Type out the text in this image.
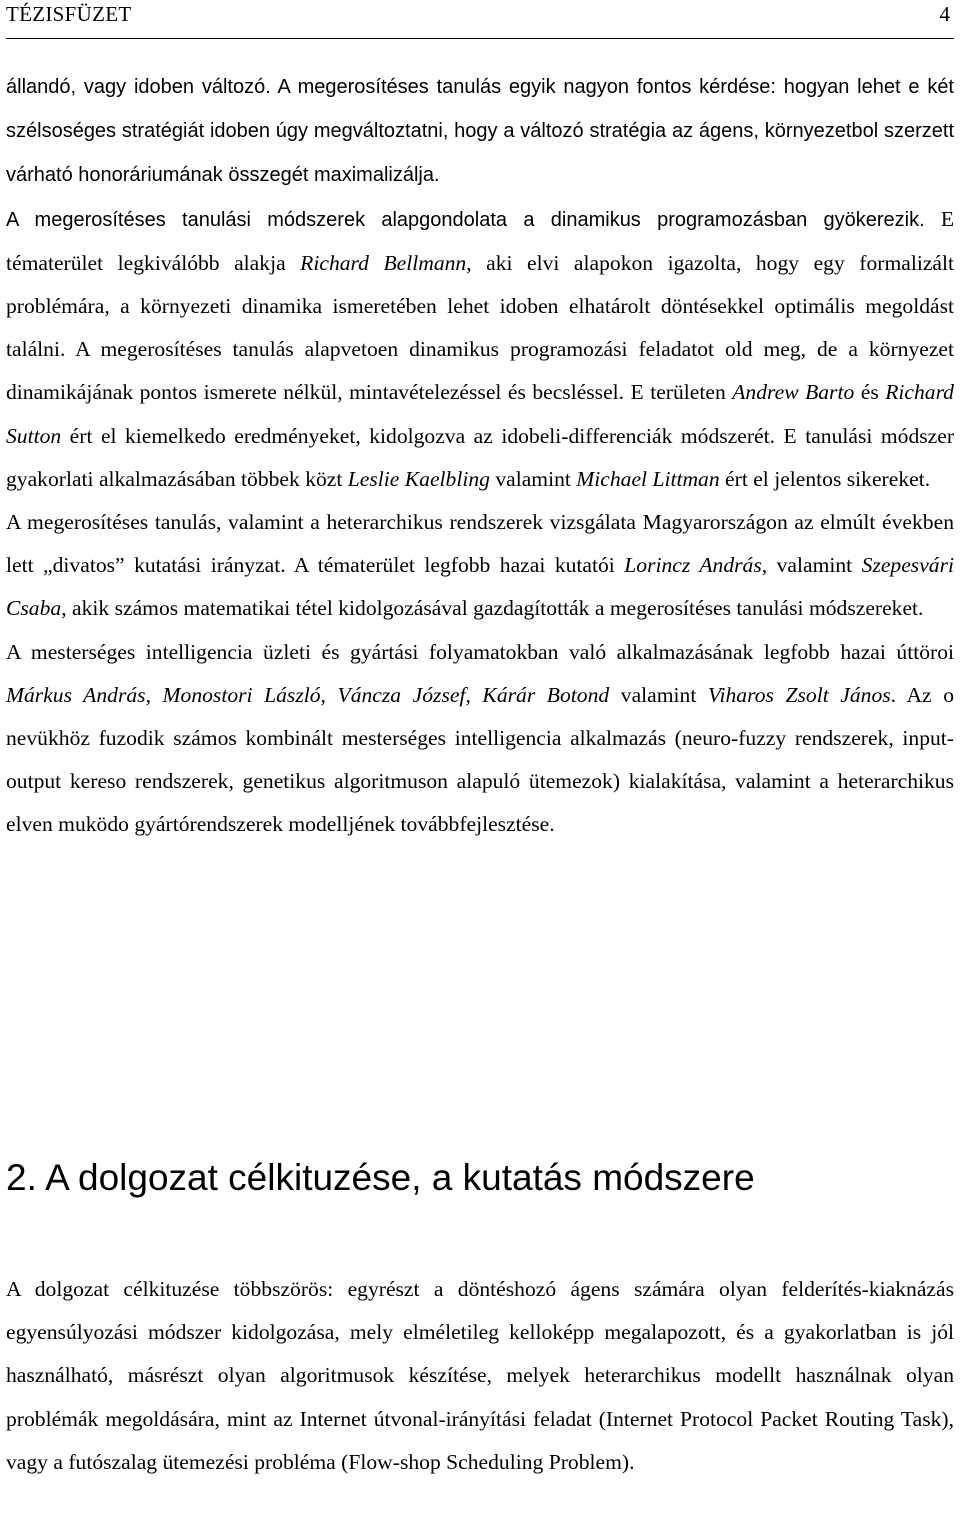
TÉZISFÜZET	4

állandó, vagy idoben változó. A megerosítéses tanulás egyik nagyon fontos kérdése: hogyan lehet e két szélsoséges stratégiát idoben úgy megváltoztatni, hogy a változó stratégia az ágens, környezetbol szerzett várható honoráriumának összegét maximalizálja.

A megerosítéses tanulási módszerek alapgondolata a dinamikus programozásban gyökerezik. E tématerület legkiválóbb alakja Richard Bellmann, aki elvi alapokon igazolta, hogy egy formalizált problémára, a környezeti dinamika ismeretében lehet idoben elhatárolt döntésekkel optimális megoldást találni. A megerosítéses tanulás alapvetoen dinamikus programozási feladatot old meg, de a környezet dinamikájának pontos ismerete nélkül, mintavételezéssel és becsléssel. E területen Andrew Barto és Richard Sutton ért el kiemelkedo eredményeket, kidolgozva az idobeli-differenciák módszerét. E tanulási módszer gyakorlati alkalmazásában többek közt Leslie Kaelbling valamint Michael Littman ért el jelentos sikereket.

A megerosítéses tanulás, valamint a heterarchikus rendszerek vizsgálata Magyarországon az elmúlt években lett „divatos” kutatási irányzat. A tématerület legfobb hazai kutatói Lorincz András, valamint Szepesvári Csaba, akik számos matematikai tétel kidolgozásával gazdagították a megerosítéses tanulási módszereket.

A mesterséges intelligencia üzleti és gyártási folyamatokban való alkalmazásának legfobb hazai úttöroi Márkus András, Monostori László, Váncza József, Kárár Botond valamint Viharos Zsolt János. Az o nevükhöz fuzodik számos kombinált mesterséges intelligencia alkalmazás (neuro-fuzzy rendszerek, input-output kereso rendszerek, genetikus algoritmuson alapuló ütemezok) kialakítása, valamint a heterarchikus elven muködo gyártórendszerek modelljének továbbfejlesztése.

2. A dolgozat célkituzése, a kutatás módszere

A dolgozat célkituzése többszörös: egyrészt a döntéshozó ágens számára olyan felderítés-kiaknázás egyensúlyozási módszer kidolgozása, mely elméletileg kelloképp megalapozott, és a gyakorlatban is jól használható, másrészt olyan algoritmusok készítése, melyek heterarchikus modellt használnak olyan problémák megoldására, mint az Internet útvonal-irányítási feladat (Internet Protocol Packet Routing Task), vagy a futószalag ütemezési probléma (Flow-shop Scheduling Problem).
